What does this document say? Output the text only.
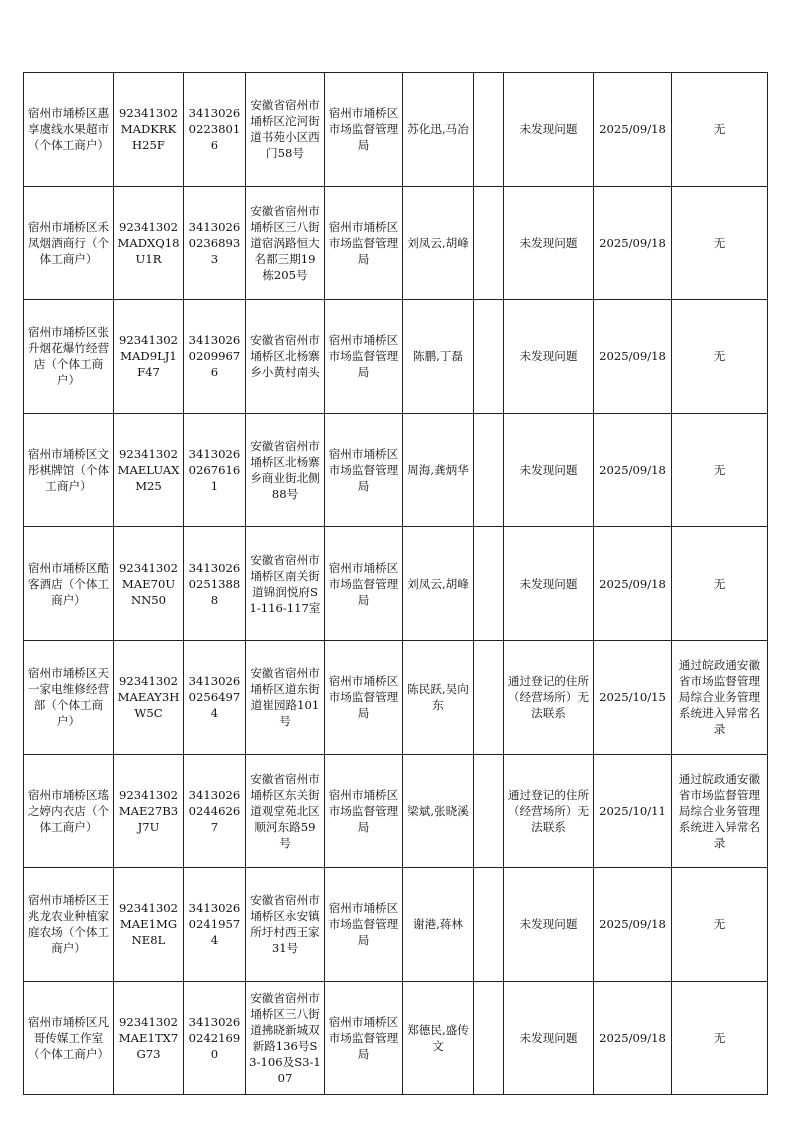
宿州市埇桥区惠享虞线水果超市（个体工商户）	92341302MADKRKH25F	341302602238016	安徽省宿州市埇桥区沱河街道书苑小区西门58号	宿州市埇桥区市场监督管理局	苏化迅,马冶		未发现问题	2025/09/18	无
宿州市埇桥区禾凤烟酒商行（个体工商户）	92341302MADXQ18U1R	341302602368933	安徽省宿州市埇桥区三八街道宿涡路恒大名都三期19栋205号	宿州市埇桥区市场监督管理局	刘凤云,胡峰		未发现问题	2025/09/18	无
宿州市埇桥区张升烟花爆竹经营店（个体工商户）	92341302MAD9LJ1F47	341302602099676	安徽省宿州市埇桥区北杨寨乡小黄村南头	宿州市埇桥区市场监督管理局	陈鹏,丁磊		未发现问题	2025/09/18	无
宿州市埇桥区文彤棋牌馆（个体工商户）	92341302MAELUAXM25	341302602676161	安徽省宿州市埇桥区北杨寨乡商业街北侧88号	宿州市埇桥区市场监督管理局	周海,龚炳华		未发现问题	2025/09/18	无
宿州市埇桥区酷客酒店（个体工商户）	92341302MAE70UNN50	341302602513888	安徽省宿州市埇桥区南关街道锦润悦府S1-116-117室	宿州市埇桥区市场监督管理局	刘凤云,胡峰		未发现问题	2025/09/18	无
宿州市埇桥区天一家电维修经营部（个体工商户）	92341302MAEAY3HW5C	341302602564974	安徽省宿州市埇桥区道东街道崔园路101号	宿州市埇桥区市场监督管理局	陈民跃,吴向东		通过登记的住所（经营场所）无法联系	2025/10/15	通过皖政通安徽省市场监督管理局综合业务管理系统进入异常名录
宿州市埇桥区瑤之婷内衣店（个体工商户）	92341302MAE27B3J7U	341302602446267	安徽省宿州市埇桥区东关街道观堂苑北区顺河东路59号	宿州市埇桥区市场监督管理局	梁斌,张晓溪		通过登记的住所（经营场所）无法联系	2025/10/11	通过皖政通安徽省市场监督管理局综合业务管理系统进入异常名录
宿州市埇桥区王兆龙农业种植家庭农场（个体工商户）	92341302MAE1MGNE8L	341302602419574	安徽省宿州市埇桥区永安镇所圩村西王家31号	宿州市埇桥区市场监督管理局	谢港,蒋林		未发现问题	2025/09/18	无
宿州市埇桥区凡哥传媒工作室（个体工商户）	92341302MAE1TX7G73	341302602421690	安徽省宿州市埇桥区三八街道拂晓新城双新路136号S3-106及S3-107	宿州市埇桥区市场监督管理局	郑德民,盛传文		未发现问题	2025/09/18	无
